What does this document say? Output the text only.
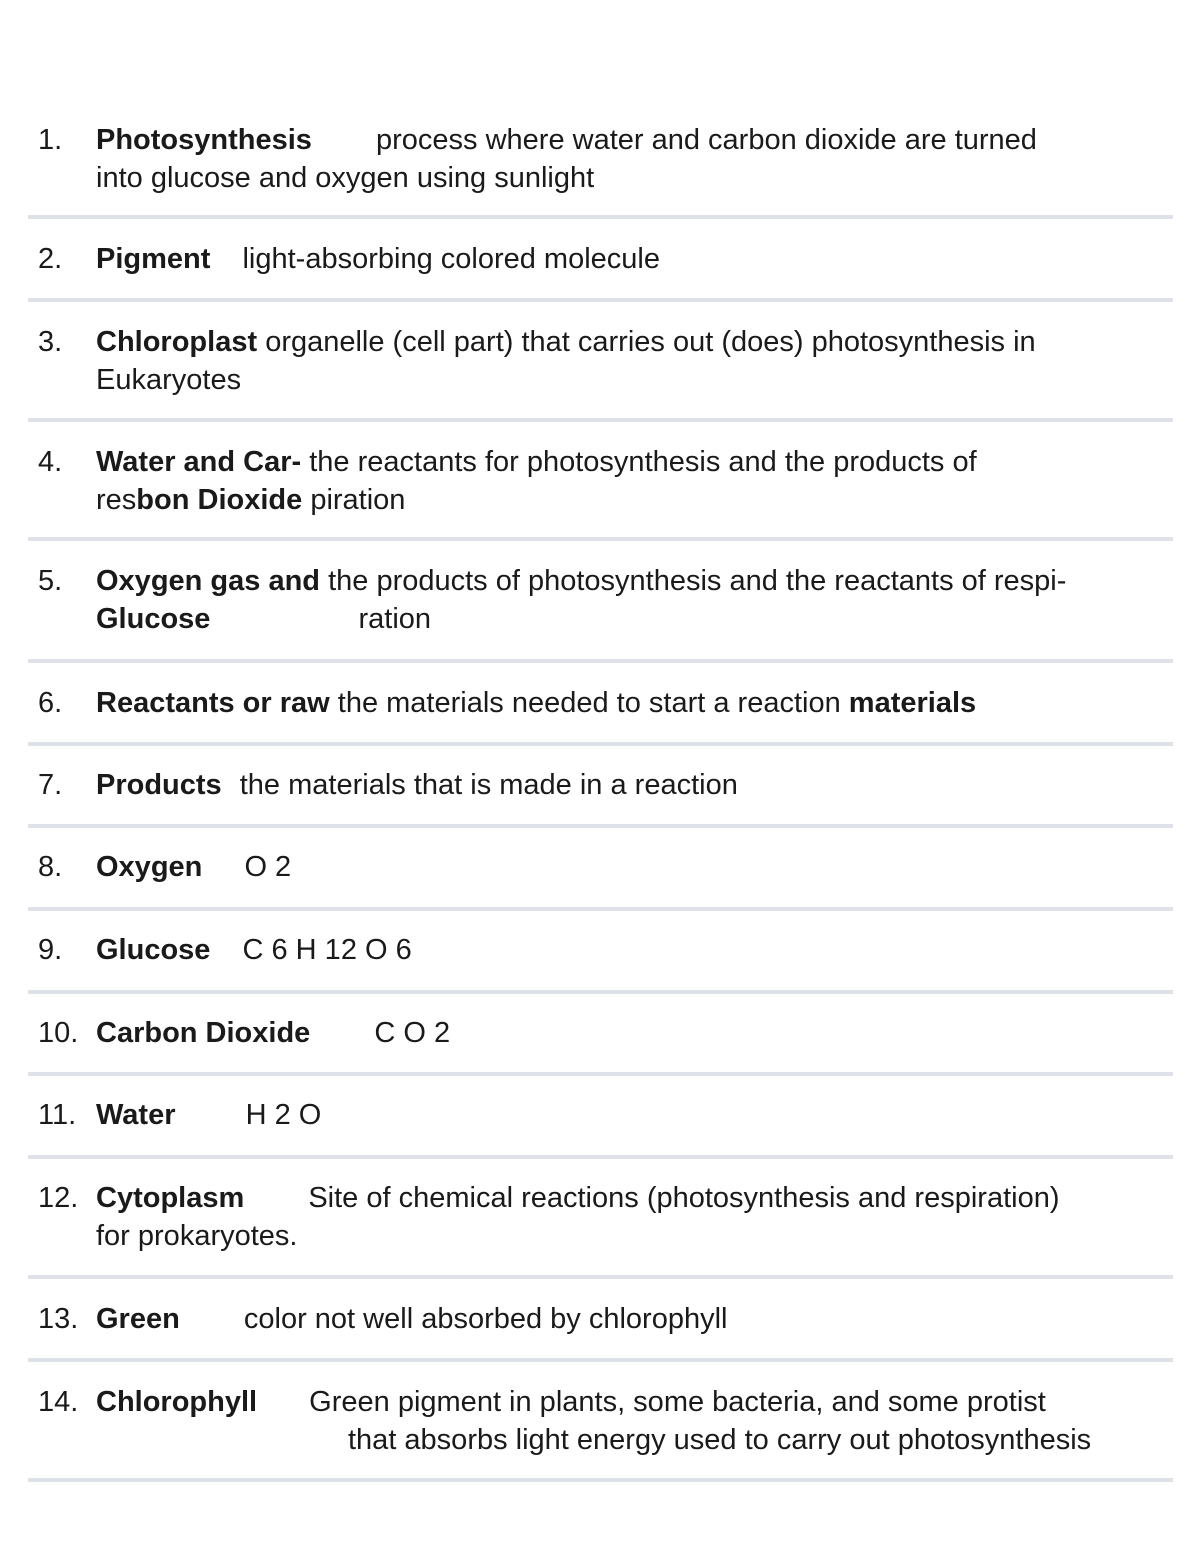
1. Photosynthesis process where water and carbon dioxide are turned
into glucose and oxygen using sunlight
2. Pigment light-absorbing colored molecule
3. Chloroplast organelle (cell part) that carries out (does) photosynthesis in
Eukaryotes
4. Water and Car- the reactants for photosynthesis and the products of
resbon Dioxide piration
5. Oxygen gas and the products of photosynthesis and the reactants of respi-
Glucose	ration
6. Reactants or raw the materials needed to start a reaction materials
7. Products the materials that is made in a reaction
8. Oxygen O 2
9. Glucose C 6 H 12 O 6
10. Carbon Dioxide C O 2
11. Water H 2 O
12. Cytoplasm Site of chemical reactions (photosynthesis and respiration)
for prokaryotes.
13. Green color not well absorbed by chlorophyll
14. Chlorophyll Green pigment in plants, some bacteria, and some protist
that absorbs light energy used to carry out photosynthesis
